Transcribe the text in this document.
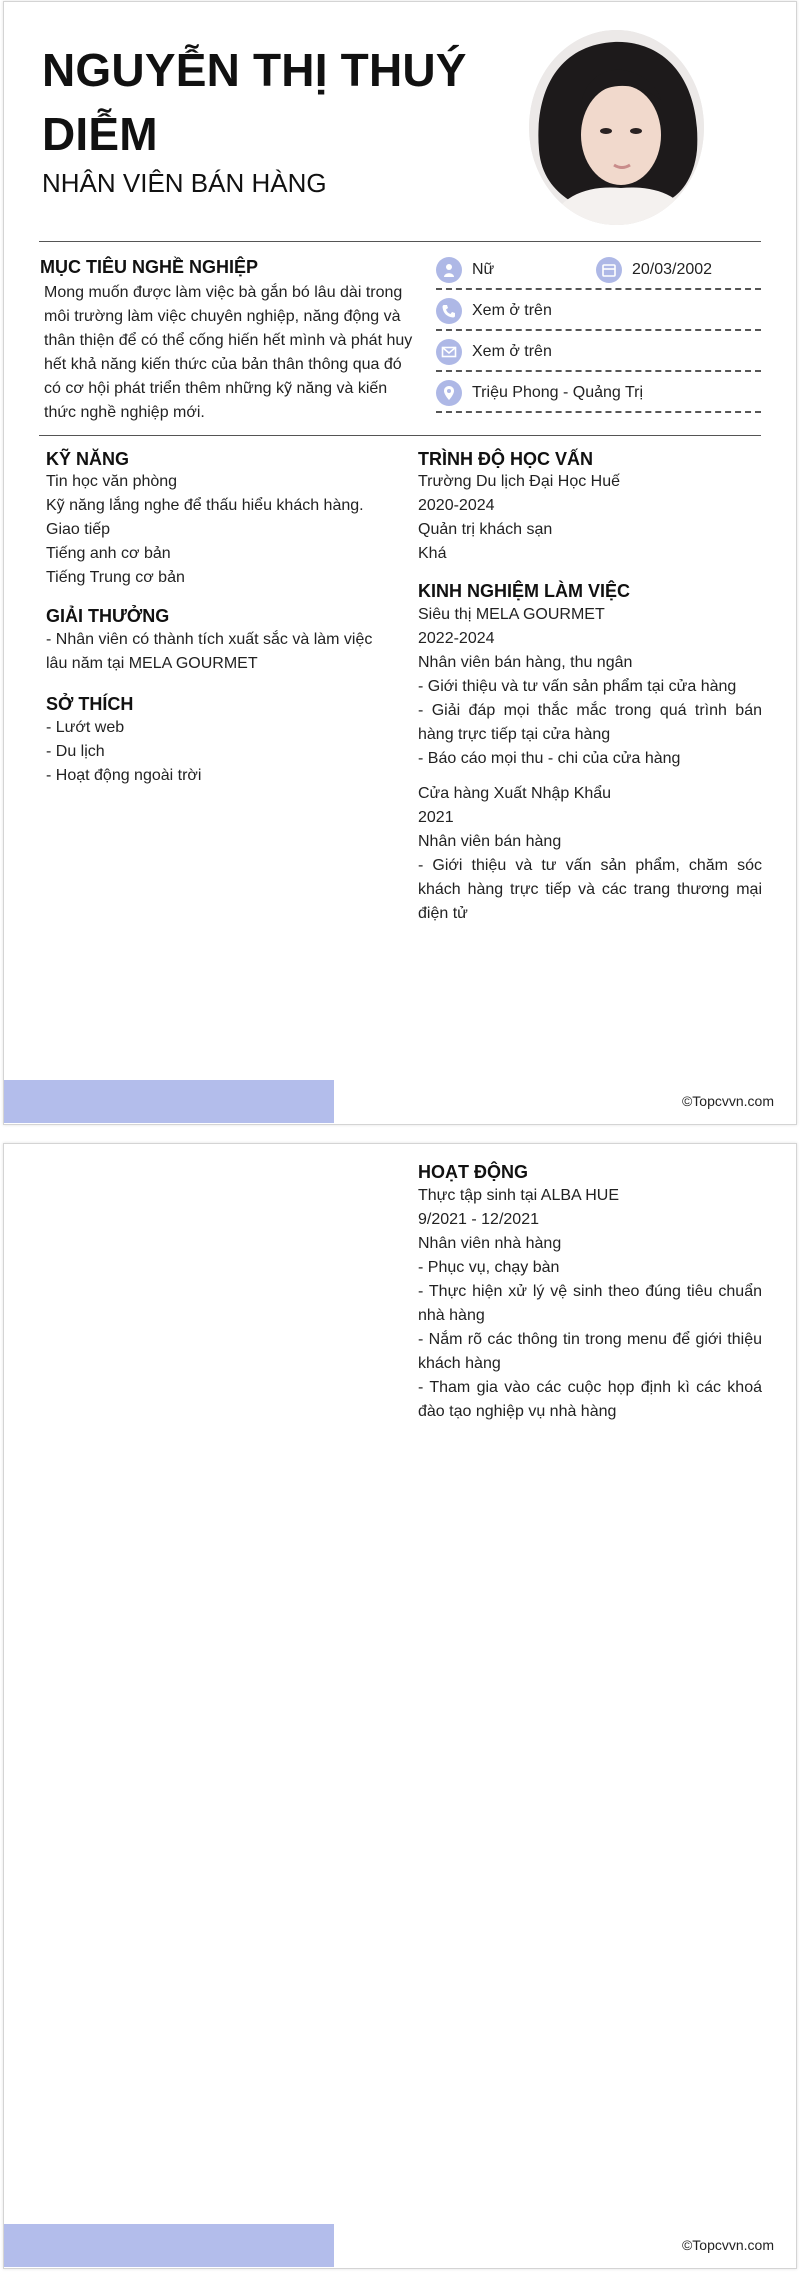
NGUYỄN THỊ THUÝ DIỄM
NHÂN VIÊN BÁN HÀNG
MỤC TIÊU NGHỀ NGHIỆP
Mong muốn được làm việc bà gắn bó lâu dài trong môi trường làm việc chuyên nghiệp, năng động và thân thiện để có thể cống hiến hết mình và phát huy hết khả năng kiến thức của bản thân thông qua đó có cơ hội phát triển thêm những kỹ năng và kiến thức nghề nghiệp mới.
Nữ	20/03/2002
Xem ở trên
Xem ở trên
Triệu Phong - Quảng Trị
KỸ NĂNG
Tin học văn phòng
Kỹ năng lắng nghe để thấu hiểu khách hàng.
Giao tiếp
Tiếng anh cơ bản
Tiếng Trung cơ bản
GIẢI THƯỞNG
- Nhân viên có thành tích xuất sắc và làm việc lâu năm tại MELA GOURMET
SỞ THÍCH
- Lướt web
- Du lịch
- Hoạt động ngoài trời
TRÌNH ĐỘ HỌC VẤN
Trường Du lịch Đại Học Huế
2020-2024
Quản trị khách sạn
Khá
KINH NGHIỆM LÀM VIỆC
Siêu thị MELA GOURMET
2022-2024
Nhân viên bán hàng, thu ngân
- Giới thiệu và tư vấn sản phẩm tại cửa hàng
- Giải đáp mọi thắc mắc trong quá trình bán hàng trực tiếp tại cửa hàng
- Báo cáo mọi thu - chi của cửa hàng
Cửa hàng Xuất Nhập Khẩu
2021
Nhân viên bán hàng
- Giới thiệu và tư vấn sản phẩm, chăm sóc khách hàng trực tiếp và các trang thương mại điện tử
©Topcvvn.com
HOẠT ĐỘNG
Thực tập sinh tại ALBA HUE
9/2021 - 12/2021
Nhân viên nhà hàng
- Phục vụ, chạy bàn
- Thực hiện xử lý vệ sinh theo đúng tiêu chuẩn nhà hàng
- Nắm rõ các thông tin trong menu để giới thiệu khách hàng
- Tham gia vào các cuộc họp định kì các khoá đào tạo nghiệp vụ nhà hàng
©Topcvvn.com
